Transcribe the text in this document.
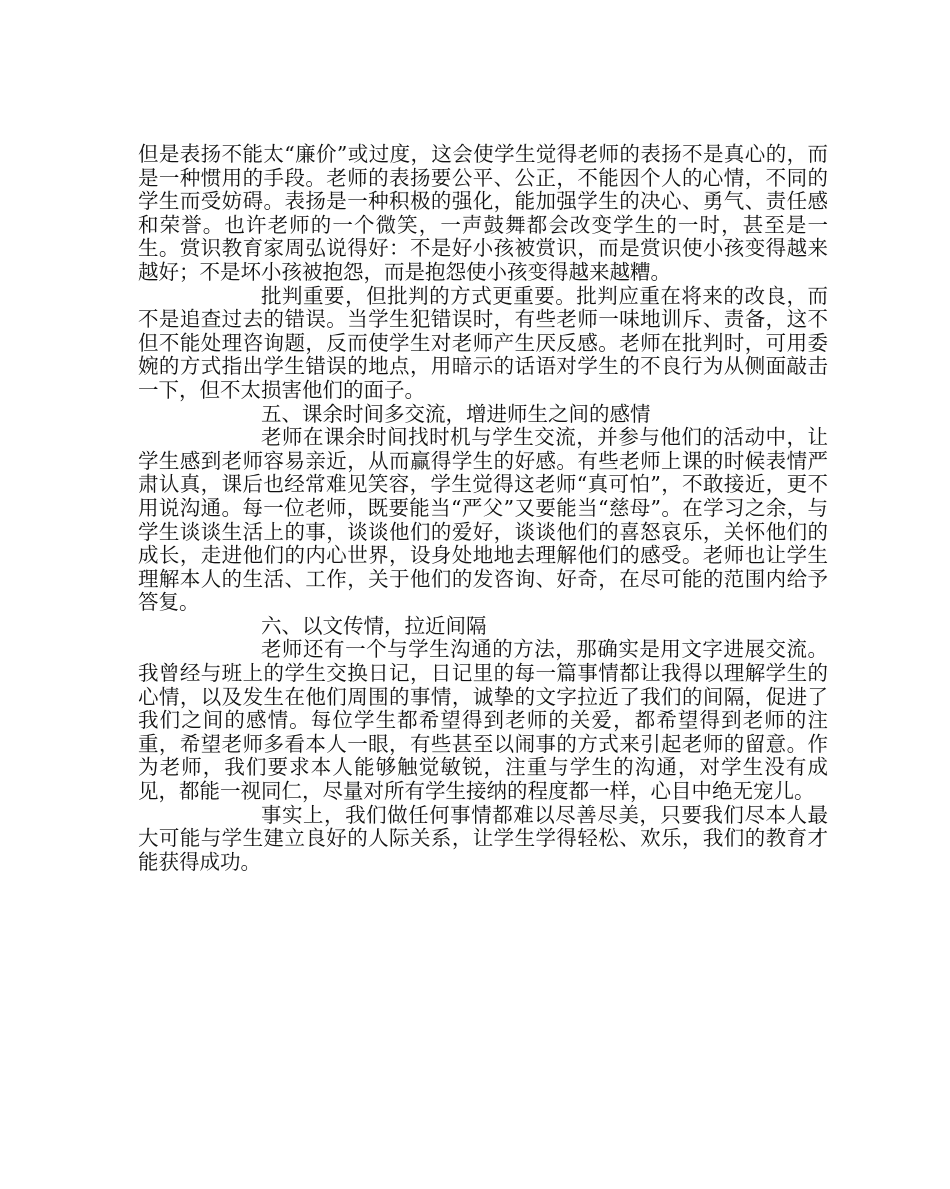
但是表扬不能太“廉价”或过度，这会使学生觉得老师的表扬不是真心的，而是一种惯用的手段。老师的表扬要公平、公正，不能因个人的心情，不同的学生而受妨碍。表扬是一种积极的强化，能加强学生的决心、勇气、责任感和荣誉。也许老师的一个微笑，一声鼓舞都会改变学生的一时，甚至是一生。赏识教育家周弘说得好：不是好小孩被赏识，而是赏识使小孩变得越来越好；不是坏小孩被抱怨，而是抱怨使小孩变得越来越糟。

批判重要，但批判的方式更重要。批判应重在将来的改良，而不是追查过去的错误。当学生犯错误时，有些老师一味地训斥、责备，这不但不能处理咨询题，反而使学生对老师产生厌反感。老师在批判时，可用委婉的方式指出学生错误的地点，用暗示的话语对学生的不良行为从侧面敲击一下，但不太损害他们的面子。

五、课余时间多交流，增进师生之间的感情

老师在课余时间找时机与学生交流，并参与他们的活动中，让学生感到老师容易亲近，从而赢得学生的好感。有些老师上课的时候表情严肃认真，课后也经常难见笑容，学生觉得这老师“真可怕”，不敢接近，更不用说沟通。每一位老师，既要能当“严父”又要能当“慈母”。在学习之余，与学生谈谈生活上的事，谈谈他们的爱好，谈谈他们的喜怒哀乐，关怀他们的成长，走进他们的内心世界，设身处地地去理解他们的感受。老师也让学生理解本人的生活、工作，关于他们的发咨询、好奇，在尽可能的范围内给予答复。

六、以文传情，拉近间隔

老师还有一个与学生沟通的方法，那确实是用文字进展交流。我曾经与班上的学生交换日记，日记里的每一篇事情都让我得以理解学生的心情，以及发生在他们周围的事情，诚挚的文字拉近了我们的间隔，促进了我们之间的感情。每位学生都希望得到老师的关爱，都希望得到老师的注重，希望老师多看本人一眼，有些甚至以闹事的方式来引起老师的留意。作为老师，我们要求本人能够触觉敏锐，注重与学生的沟通，对学生没有成见，都能一视同仁，尽量对所有学生接纳的程度都一样，心目中绝无宠儿。

事实上，我们做任何事情都难以尽善尽美，只要我们尽本人最大可能与学生建立良好的人际关系，让学生学得轻松、欢乐，我们的教育才能获得成功。
